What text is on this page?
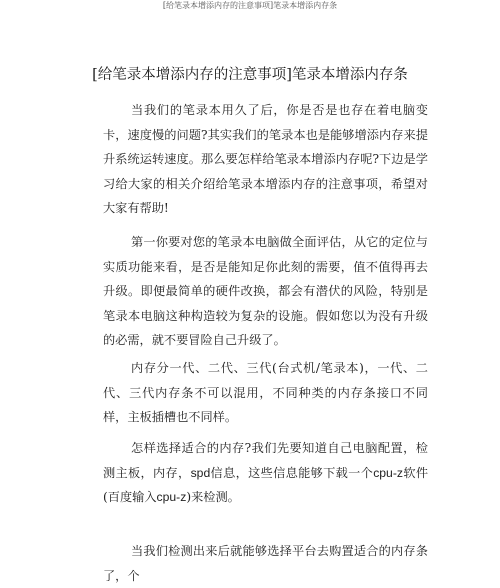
[给笔录本增添内存的注意事项]笔录本增添内存条
[给笔录本增添内存的注意事项]笔录本增添内存条

当我们的笔录本用久了后，你是否是也存在着电脑变卡，速度慢的问题?其实我们的笔录本也是能够增添内存来提升系统运转速度。那么要怎样给笔录本增添内存呢?下边是学习给大家的相关介绍给笔录本增添内存的注意事项，希望对大家有帮助!

第一你要对您的笔录本电脑做全面评估，从它的定位与实质功能来看，是否是能知足你此刻的需要，值不值得再去升级。即便最简单的硬件改换，都会有潜伏的风险，特别是笔录本电脑这种构造较为复杂的设施。假如您以为没有升级的必需，就不要冒险自己升级了。

内存分一代、二代、三代(台式机/笔录本)，一代、二代、三代内存条不可以混用，不同种类的内存条接口不同样，主板插槽也不同样。

怎样选择适合的内存?我们先要知道自己电脑配置，检测主板，内存，spd信息，这些信息能够下载一个cpu-z软件(百度输入cpu-z)来检测。

当我们检测出来后就能够选择平台去购置适合的内存条了，个
